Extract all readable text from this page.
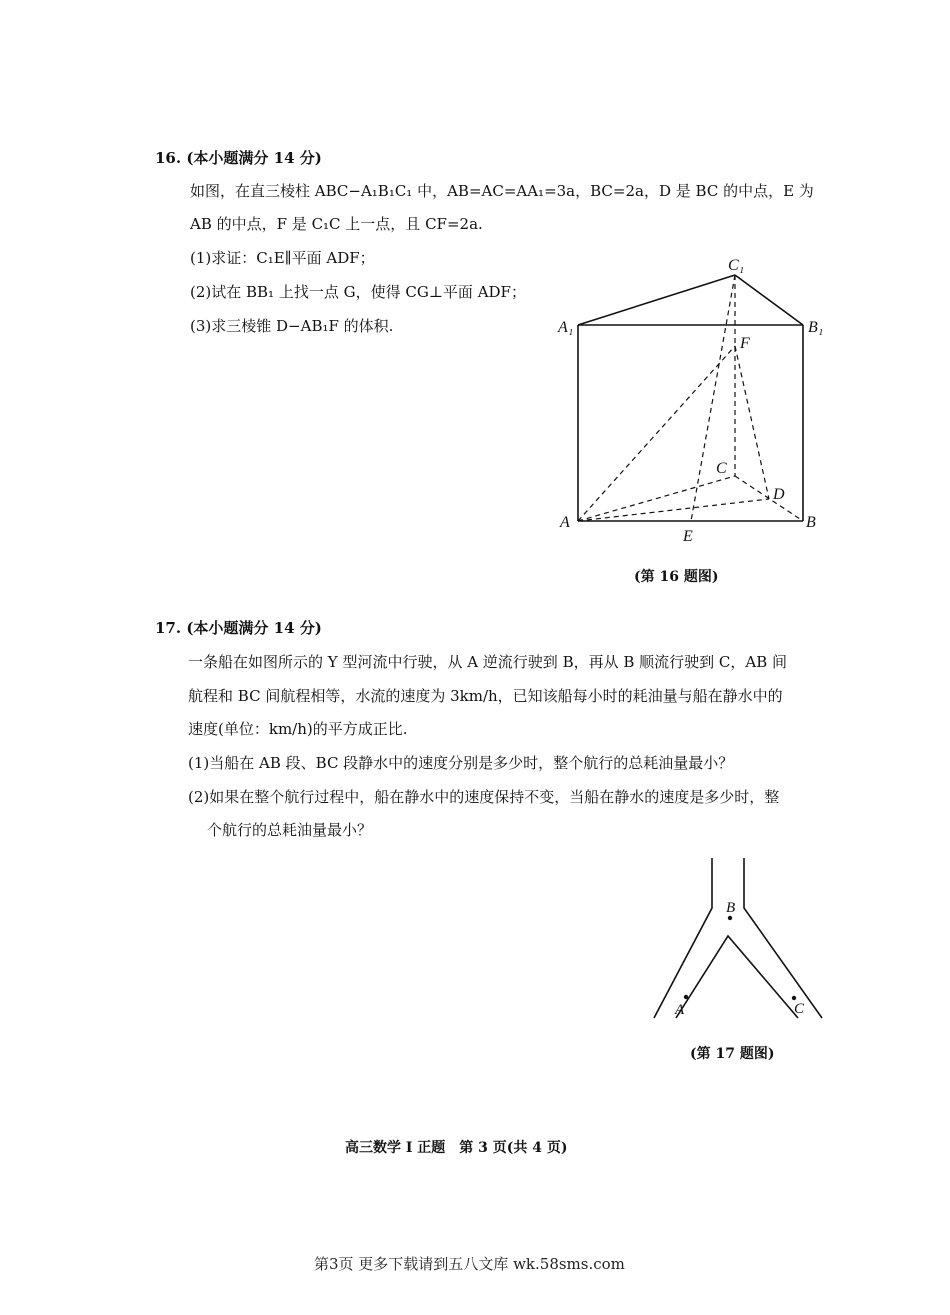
16. (本小题满分 14 分)
如图，在直三棱柱 ABC−A₁B₁C₁ 中，AB=AC=AA₁=3a，BC=2a，D 是 BC 的中点，E 为
AB 的中点，F 是 C₁C 上一点，且 CF=2a.
(1)求证：C₁E∥平面 ADF；
(2)试在 BB₁ 上找一点 G，使得 CG⊥平面 ADF；
(3)求三棱锥 D−AB₁F 的体积.
C₁
A₁	B₁
F
C
D
A	B
E
(第 16 题图)
17. (本小题满分 14 分)
一条船在如图所示的 Y 型河流中行驶，从 A 逆流行驶到 B，再从 B 顺流行驶到 C，AB 间
航程和 BC 间航程相等，水流的速度为 3km/h，已知该船每小时的耗油量与船在静水中的
速度(单位：km/h)的平方成正比.
(1)当船在 AB 段、BC 段静水中的速度分别是多少时，整个航行的总耗油量最小？
(2)如果在整个航行过程中，船在静水中的速度保持不变，当船在静水的速度是多少时，整
个航行的总耗油量最小？
B
A	C
(第 17 题图)
高三数学 I 正题　第 3 页(共 4 页)
第3页 更多下载请到五八文库 wk.58sms.com
